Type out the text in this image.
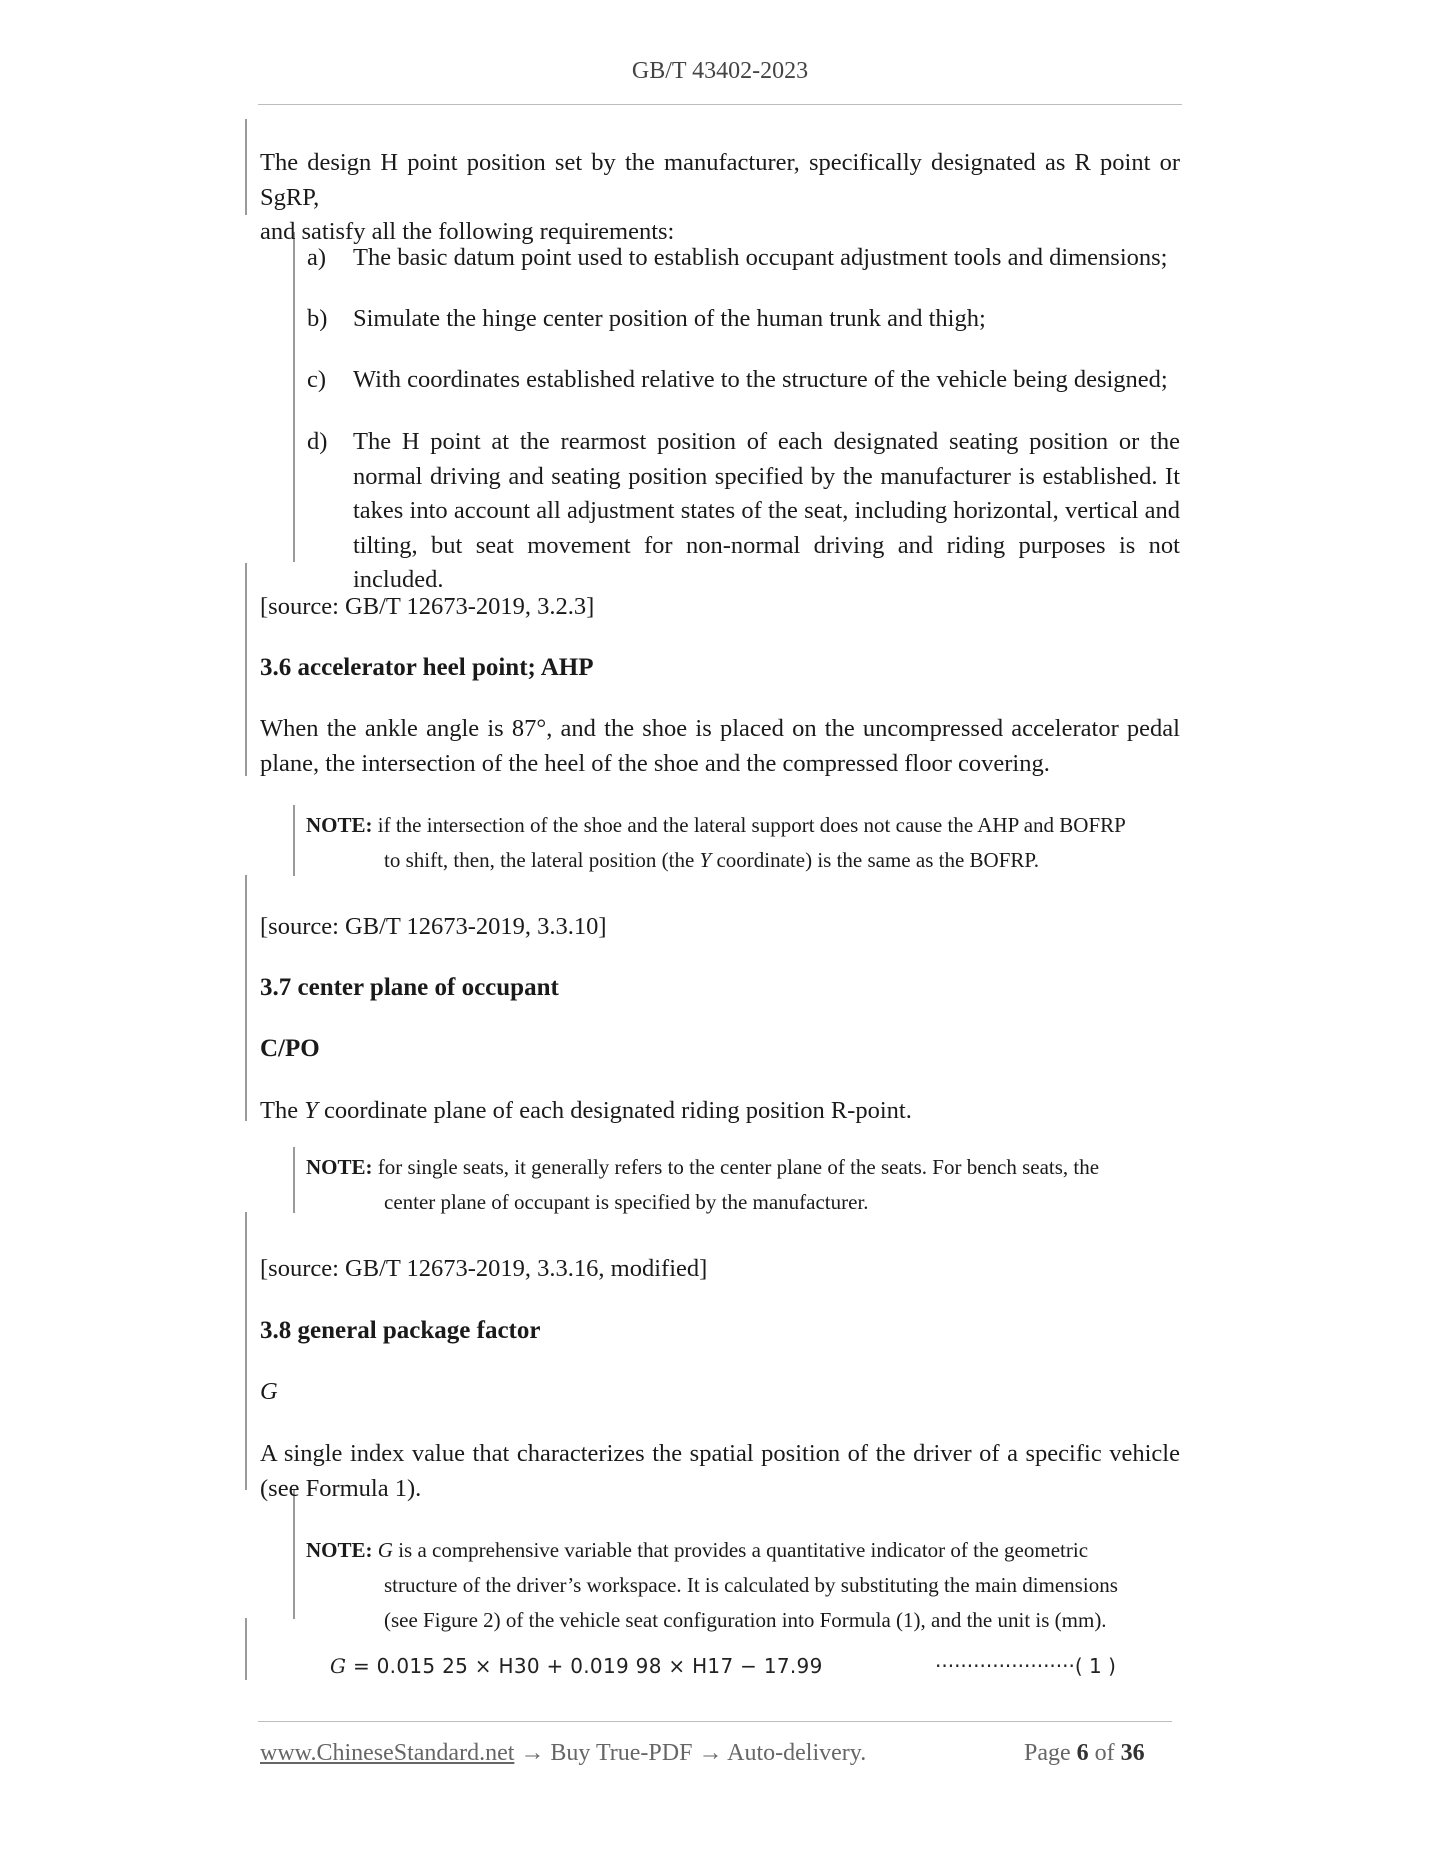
GB/T 43402-2023
The design H point position set by the manufacturer, specifically designated as R point or SgRP,
and satisfy all the following requirements:
a) The basic datum point used to establish occupant adjustment tools and dimensions;
b) Simulate the hinge center position of the human trunk and thigh;
c) With coordinates established relative to the structure of the vehicle being designed;
d) The H point at the rearmost position of each designated seating position or the normal driving and seating position specified by the manufacturer is established. It takes into account all adjustment states of the seat, including horizontal, vertical and tilting, but seat movement for non-normal driving and riding purposes is not included.
[source: GB/T 12673-2019, 3.2.3]
3.6 accelerator heel point; AHP
When the ankle angle is 87°, and the shoe is placed on the uncompressed accelerator pedal plane, the intersection of the heel of the shoe and the compressed floor covering.
NOTE: if the intersection of the shoe and the lateral support does not cause the AHP and BOFRP
to shift, then, the lateral position (the Y coordinate) is the same as the BOFRP.
[source: GB/T 12673-2019, 3.3.10]
3.7 center plane of occupant
C/PO
The Y coordinate plane of each designated riding position R-point.
NOTE: for single seats, it generally refers to the center plane of the seats. For bench seats, the
center plane of occupant is specified by the manufacturer.
[source: GB/T 12673-2019, 3.3.16, modified]
3.8 general package factor
G
A single index value that characterizes the spatial position of the driver of a specific vehicle (see Formula 1).
NOTE: G is a comprehensive variable that provides a quantitative indicator of the geometric
structure of the driver’s workspace. It is calculated by substituting the main dimensions
(see Figure 2) of the vehicle seat configuration into Formula (1), and the unit is (mm).
G = 0.015 25 × H30 + 0.019 98 × H17 − 17.99	······················( 1 )
www.ChineseStandard.net → Buy True-PDF → Auto-delivery.	Page 6 of 36
